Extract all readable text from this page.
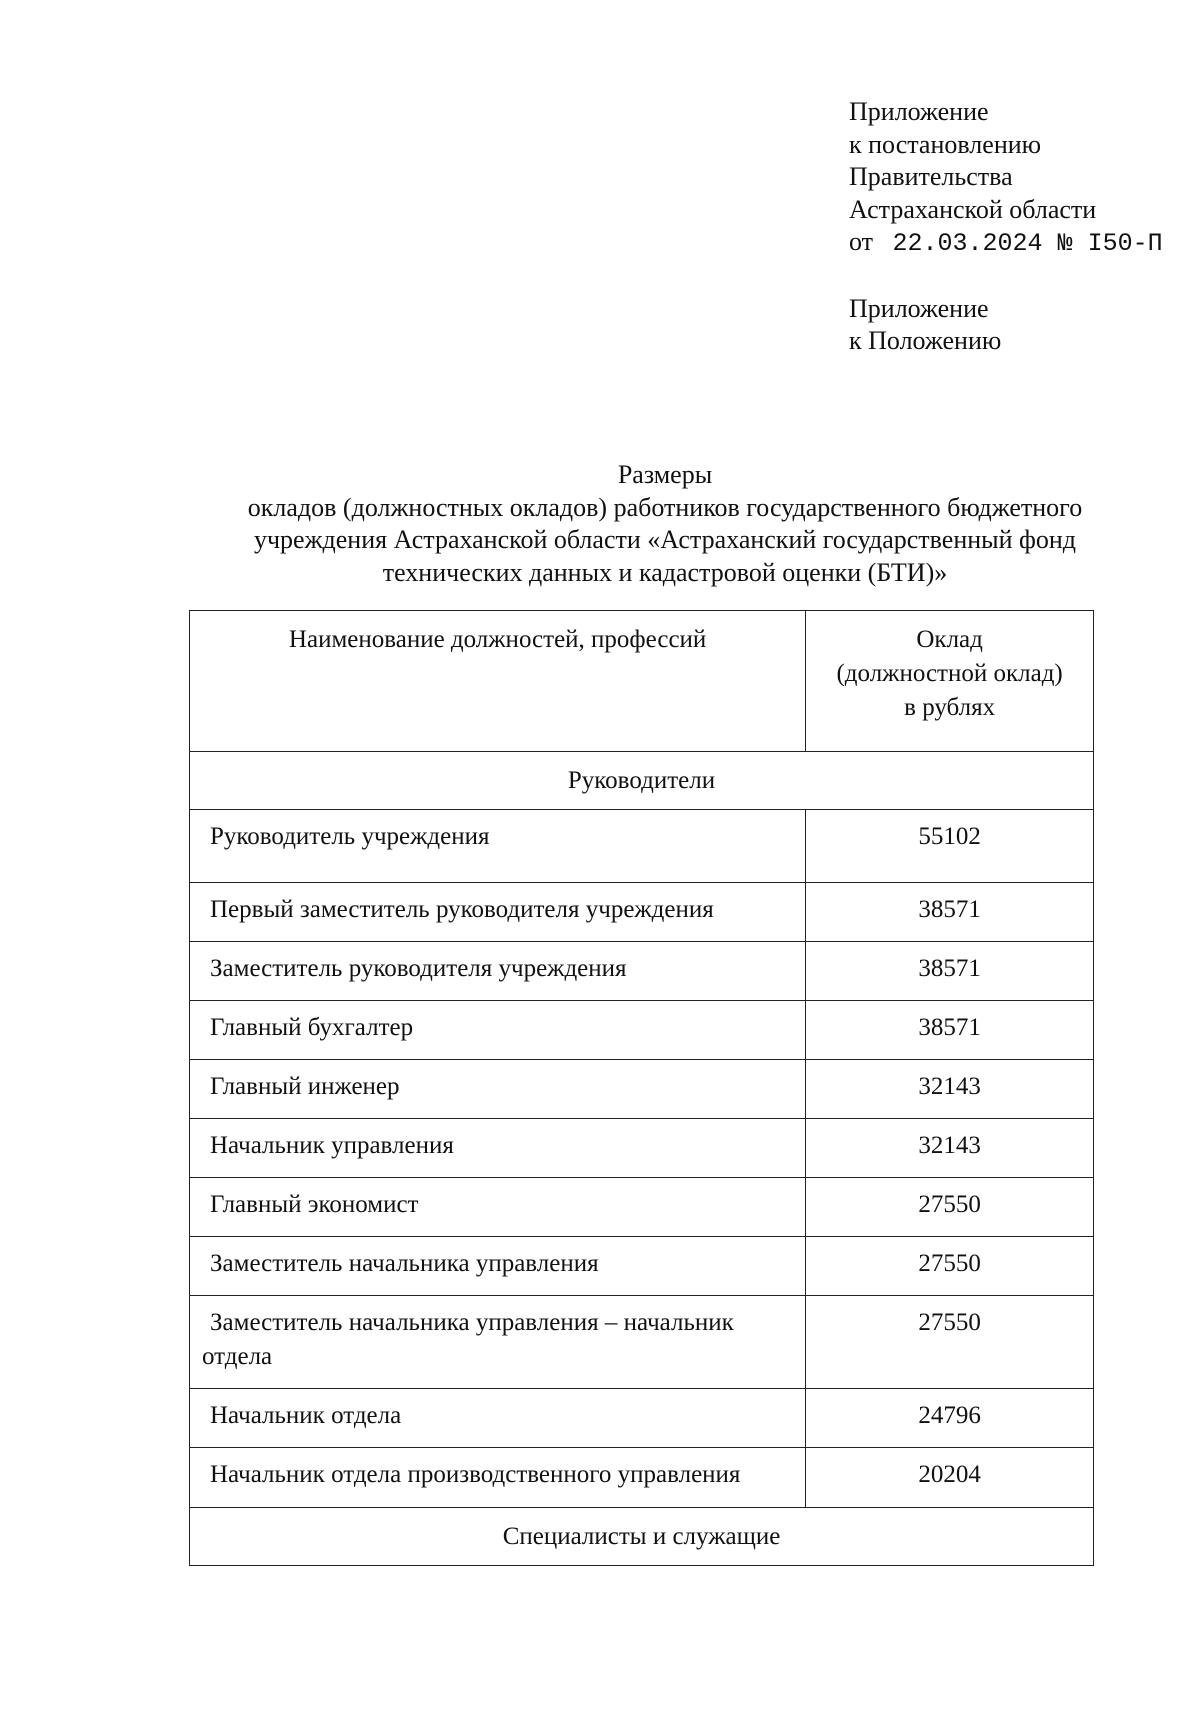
Приложение
к постановлению
Правительства
Астраханской области
от 22.03.2024 № I50-П
Приложение
к Положению
Размеры
окладов (должностных окладов) работников государственного бюджетного
учреждения Астраханской области «Астраханский государственный фонд
технических данных и кадастровой оценки (БТИ)»
Наименование должностей, профессий	Оклад
(должностной оклад)
в рублях

Руководители	
Руководитель учреждения	55102
Первый заместитель руководителя учреждения	38571
Заместитель руководителя учреждения	38571
Главный бухгалтер	38571
Главный инженер	32143
Начальник управления	32143
Главный экономист	27550
Заместитель начальника управления	27550
Заместитель начальника управления – начальник
отдела	27550
Начальник отдела	24796
Начальник отдела производственного управления	20204
Специалисты и служащие	
